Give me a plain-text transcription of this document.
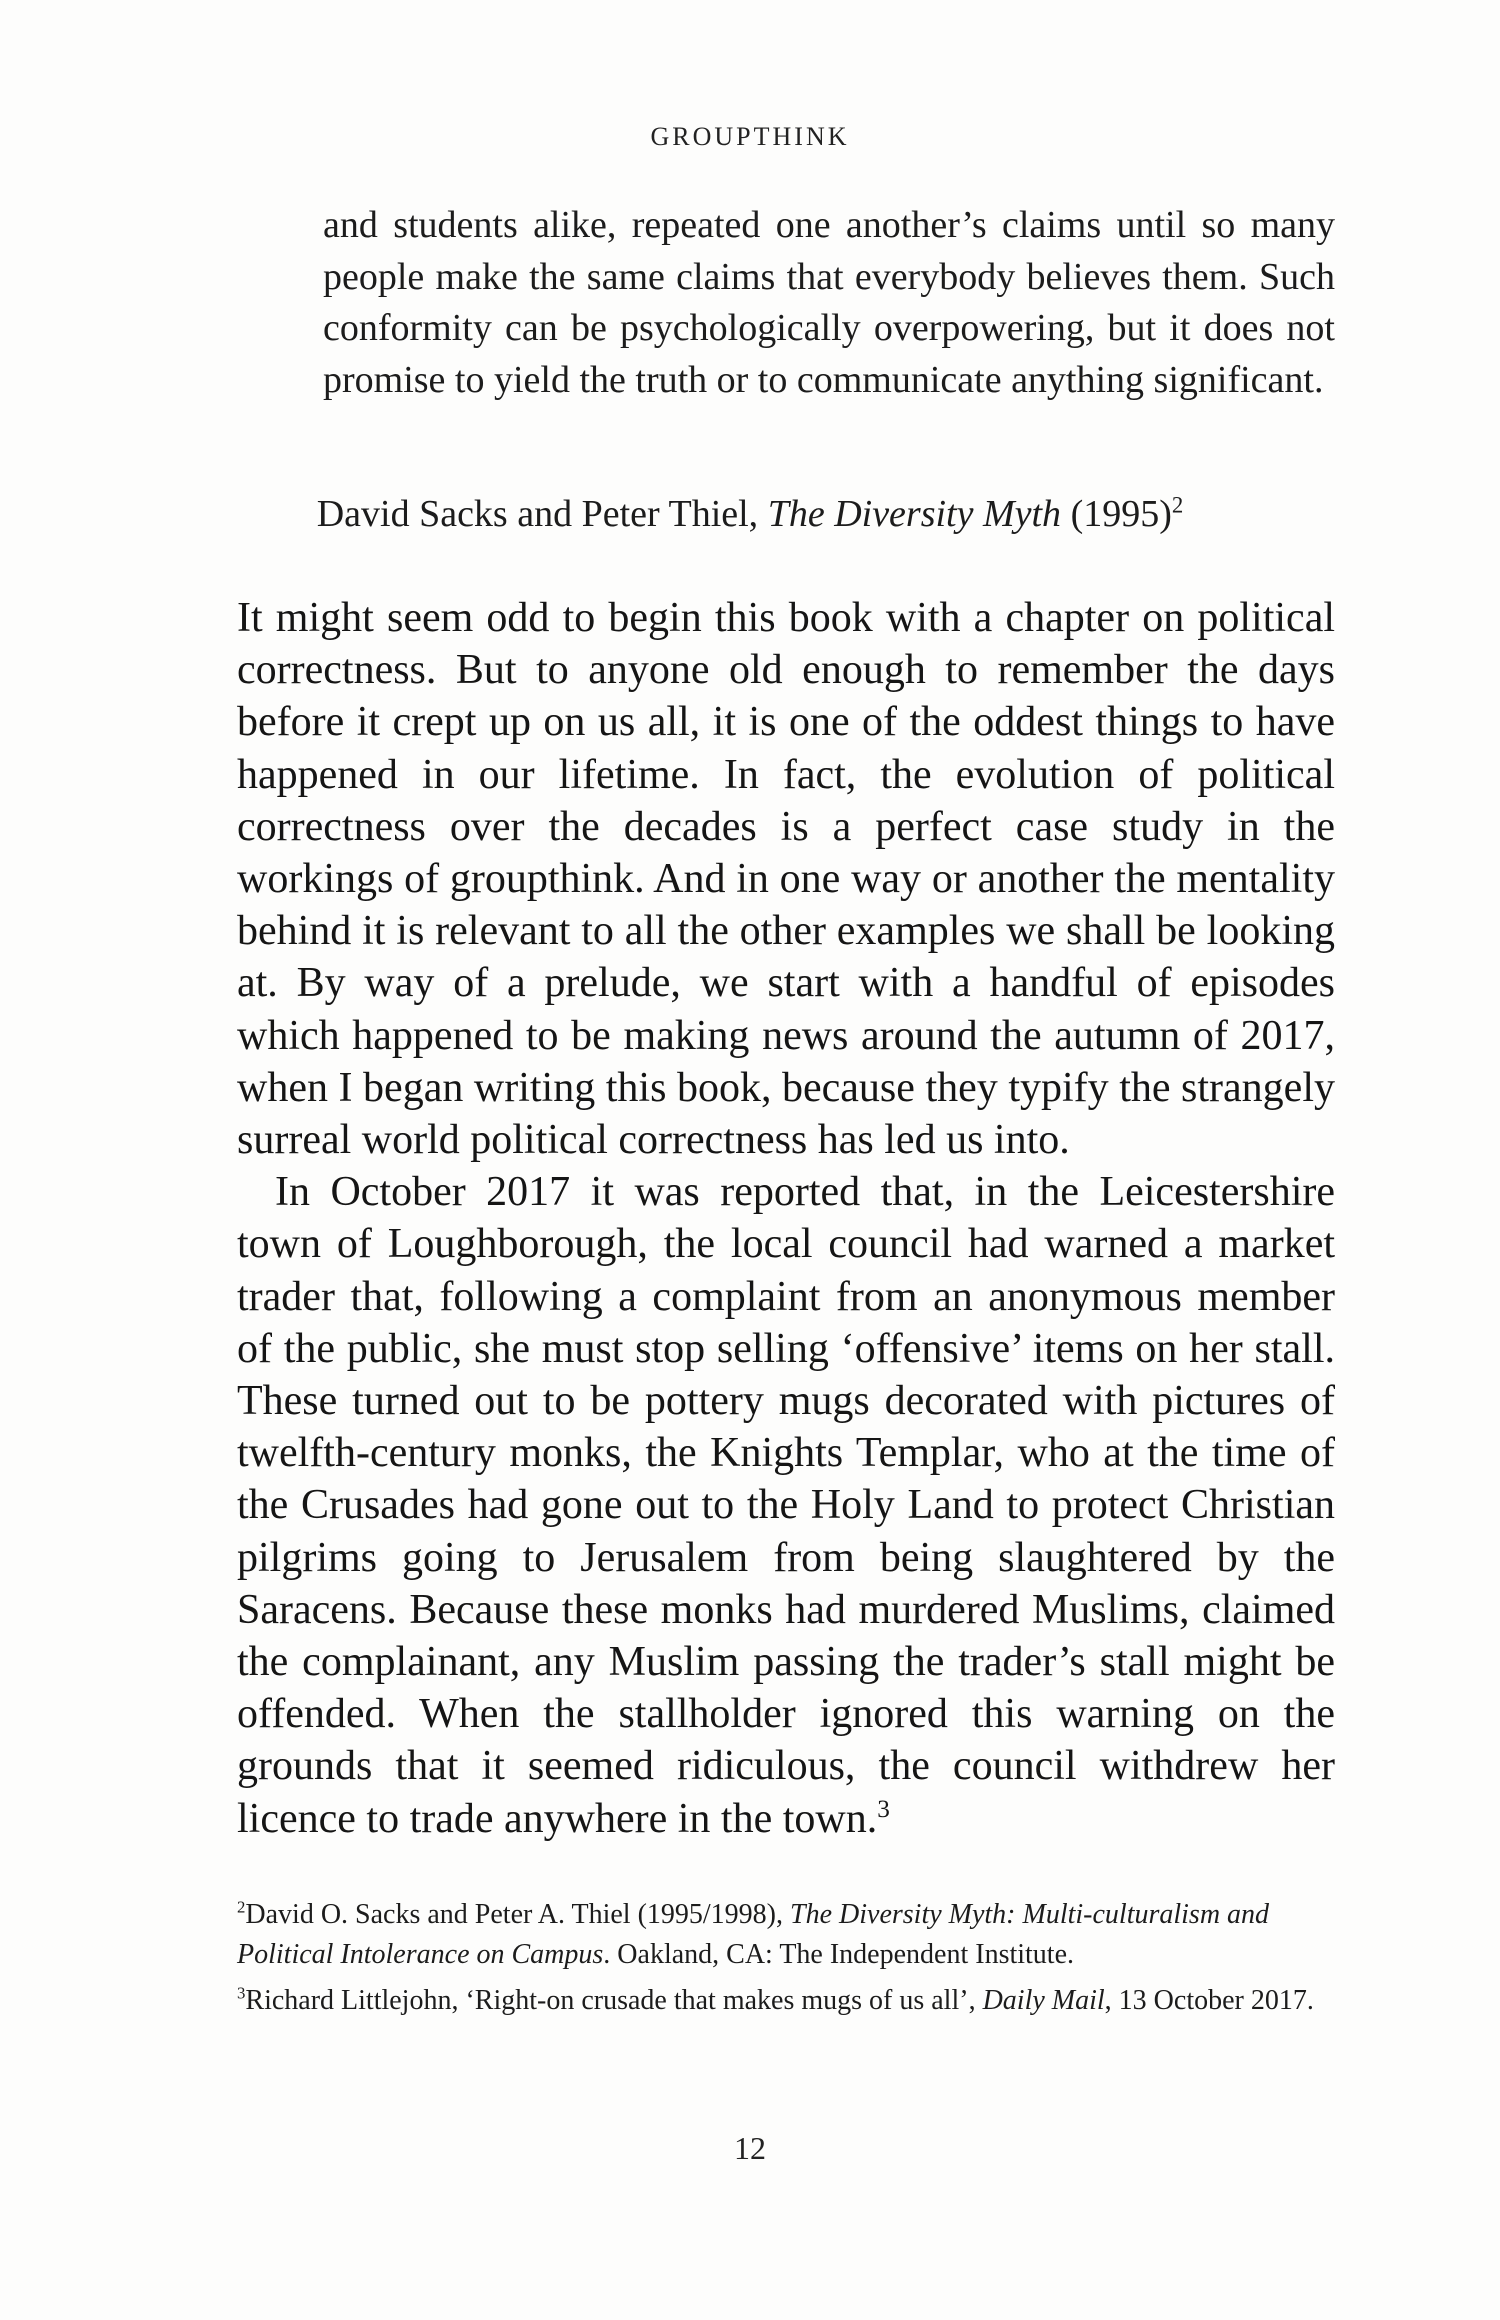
GROUPTHINK
and students alike, repeated one another’s claims until so many people make the same claims that everybody believes them. Such conformity can be psychologically overpowering, but it does not promise to yield the truth or to communicate anything significant.
David Sacks and Peter Thiel, The Diversity Myth $(1995)^2$

It might seem odd to begin this book with a chapter on political correctness. But to anyone old enough to remember the days before it crept up on us all, it is one of the oddest things to have happened in our lifetime. In fact, the evolution of political correctness over the decades is a perfect case study in the workings of groupthink. And in one way or another the mentality behind it is relevant to all the other examples we shall be looking at. By way of a prelude, we start with a handful of episodes which happened to be making news around the autumn of 2017, when I began writing this book, because they typify the strangely surreal world political correctness has led us into.

In October 2017 it was reported that, in the Leicestershire town of Loughborough, the local council had warned a market trader that, following a complaint from an anonymous member of the public, she must stop selling ‘offensive’ items on her stall. These turned out to be pottery mugs decorated with pictures of twelfth-century monks, the Knights Templar, who at the time of the Crusades had gone out to the Holy Land to protect Christian pilgrims going to Jerusalem from being slaughtered by the Saracens. Because these monks had murdered Muslims, claimed the complainant, any Muslim passing the trader’s stall might be offended. When the stallholder ignored this warning on the grounds that it seemed ridiculous, the council withdrew her licence to trade anywhere in the town.$^3$

$^2$David O. Sacks and Peter A. Thiel (1995/1998), The Diversity Myth: Multi-culturalism and Political Intolerance on Campus. Oakland, CA: The Independent Institute.

$^3$Richard Littlejohn, ‘Right-on crusade that makes mugs of us all’, Daily Mail, 13 October 2017.

12
